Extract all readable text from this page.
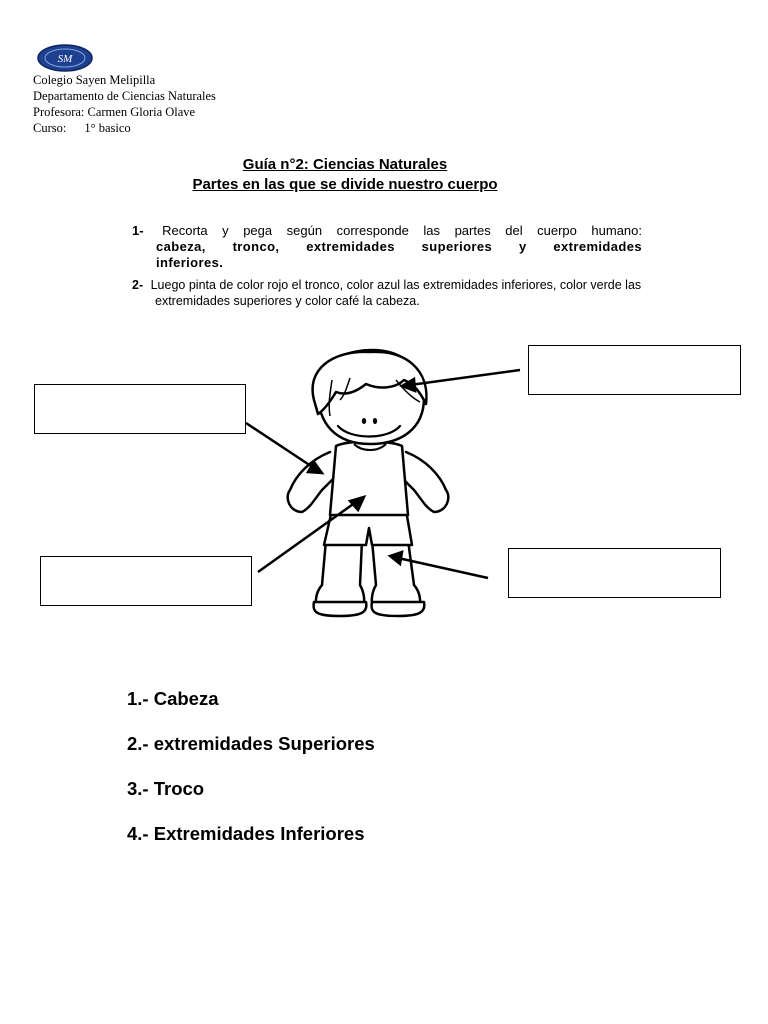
SM
Colegio Sayen Melipilla
Departamento de Ciencias Naturales
Profesora: Carmen Gloria Olave
Curso: 1° basico
Guía n°2: Ciencias Naturales
Partes en las que se divide nuestro cuerpo
1- Recorta y pega según corresponde las partes del cuerpo humano:
cabeza, tronco, extremidades superiores y extremidades
inferiores.
2- Luego pinta de color rojo el tronco, color azul las extremidades inferiores, color verde las
extremidades superiores y color café la cabeza.
1.- Cabeza
2.- extremidades Superiores
3.- Troco
4.- Extremidades Inferiores
